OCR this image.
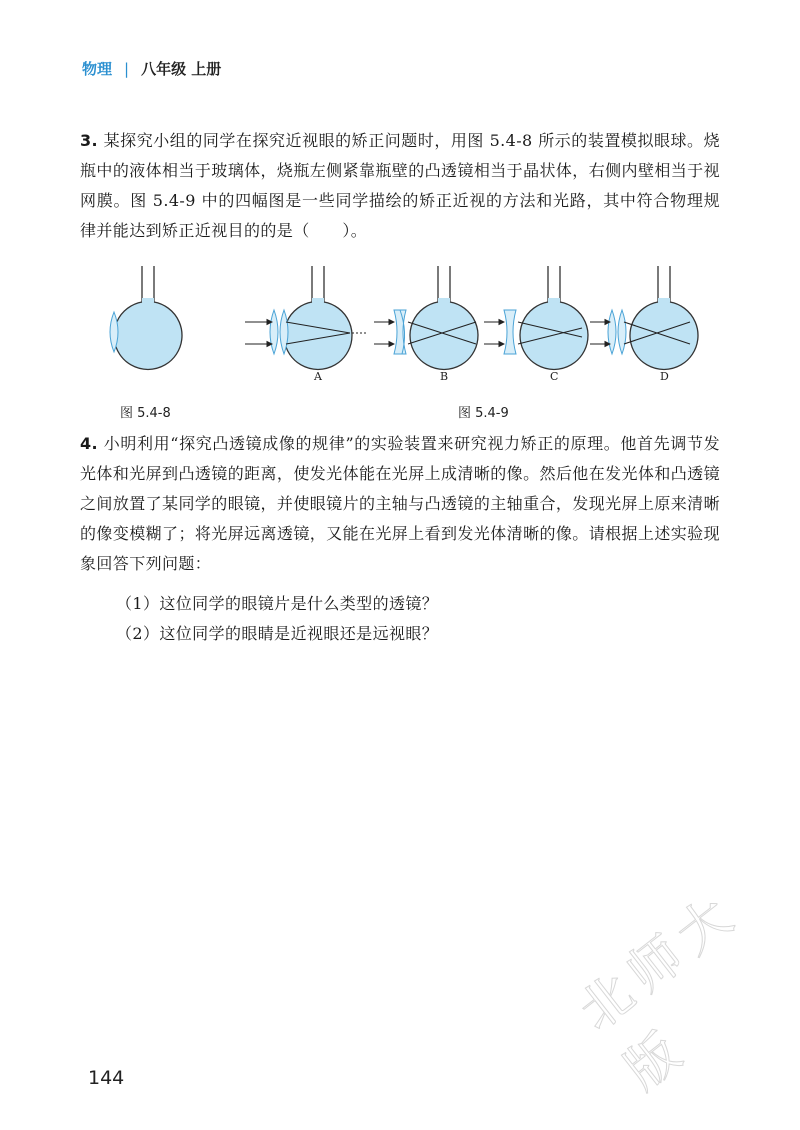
物理 | 八年级 上册

3. 某探究小组的同学在探究近视眼的矫正问题时，用图 5.4-8 所示的装置模拟眼球。烧瓶中的液体相当于玻璃体，烧瓶左侧紧靠瓶壁的凸透镜相当于晶状体，右侧内壁相当于视网膜。图 5.4-9 中的四幅图是一些同学描绘的矫正近视的方法和光路，其中符合物理规律并能达到矫正近视目的的是（　　）。

A	B	C	D
图 5.4-8	图 5.4-9

4. 小明利用“探究凸透镜成像的规律”的实验装置来研究视力矫正的原理。他首先调节发光体和光屏到凸透镜的距离，使发光体能在光屏上成清晰的像。然后他在发光体和凸透镜之间放置了某同学的眼镜，并使眼镜片的主轴与凸透镜的主轴重合，发现光屏上原来清晰的像变模糊了；将光屏远离透镜，又能在光屏上看到发光体清晰的像。请根据上述实验现象回答下列问题：

（1）这位同学的眼镜片是什么类型的透镜？

（2）这位同学的眼睛是近视眼还是远视眼？

144
北师大版
